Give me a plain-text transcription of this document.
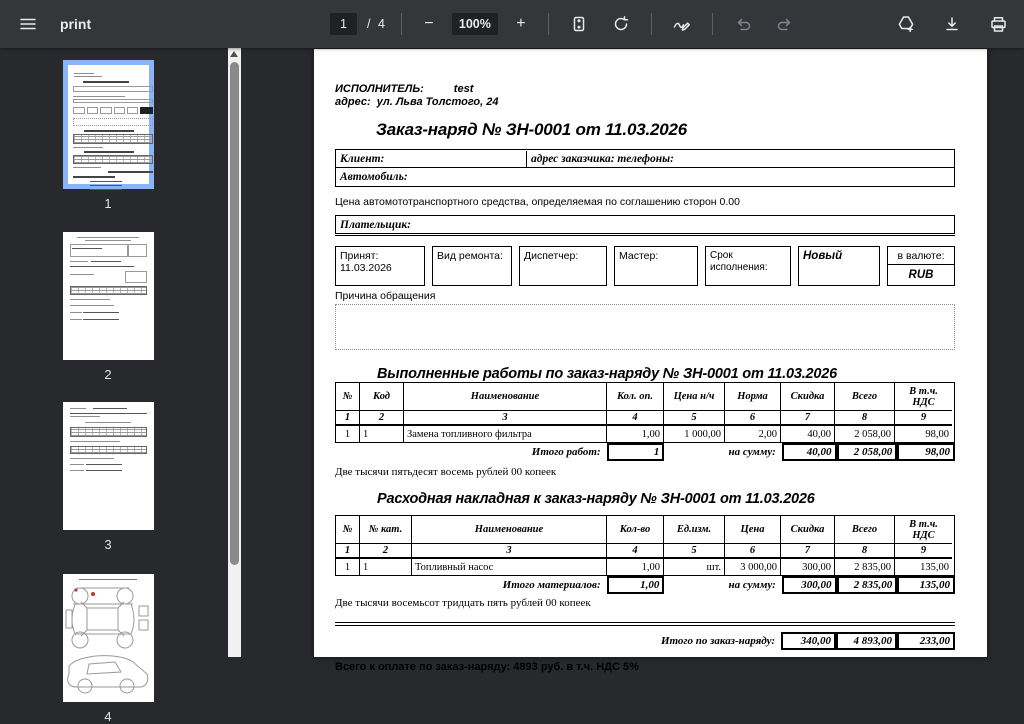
print	1	/ 4	−	100%	+
1
2
3
4
ИСПОЛНИТЕЛЬ:	test
адрес: ул. Льва Толстого, 24
Заказ-наряд № ЗН-0001 от 11.03.2026
Клиент:	адрес заказчика: телефоны:
Автомобиль:
Цена автомототранспортного средства, определяемая по соглашению сторон 0.00
Плательщик:
Принят:
11.03.2026
Вид ремонта:	Диспетчер:	Мастер:	Срок исполнения:
Новый	в валюте:
RUB
Причина обращения
Выполненные работы по заказ-наряду № ЗН-0001 от 11.03.2026
№	Код	Наименование	Кол. оп.	Цена н/ч	Норма	Скидка	Всего	В т.ч. НДС
1	2	3	4	5	6	7	8	9
1	1	Замена топливного фильтра	1,00	1 000,00	2,00	40,00	2 058,00	98,00
Итого работ:	1	на сумму:	40,00	2 058,00	98,00
Две тысячи пятьдесят восемь рублей 00 копеек
Расходная накладная к заказ-наряду № ЗН-0001 от 11.03.2026
№	№ кат.	Наименование	Кол-во	Ед.изм.	Цена	Скидка	Всего	В т.ч. НДС
1	2	3	4	5	6	7	8	9
1	1	Топливный насос	1,00	шт.	3 000,00	300,00	2 835,00	135,00
Итого материалов:	1,00	на сумму:	300,00	2 835,00	135,00
Две тысячи восемьсот тридцать пять рублей 00 копеек
Итого по заказ-наряду:	340,00	4 893,00	233,00
Всего к оплате по заказ-наряду: 4893 руб. в т.ч. НДС 5%
